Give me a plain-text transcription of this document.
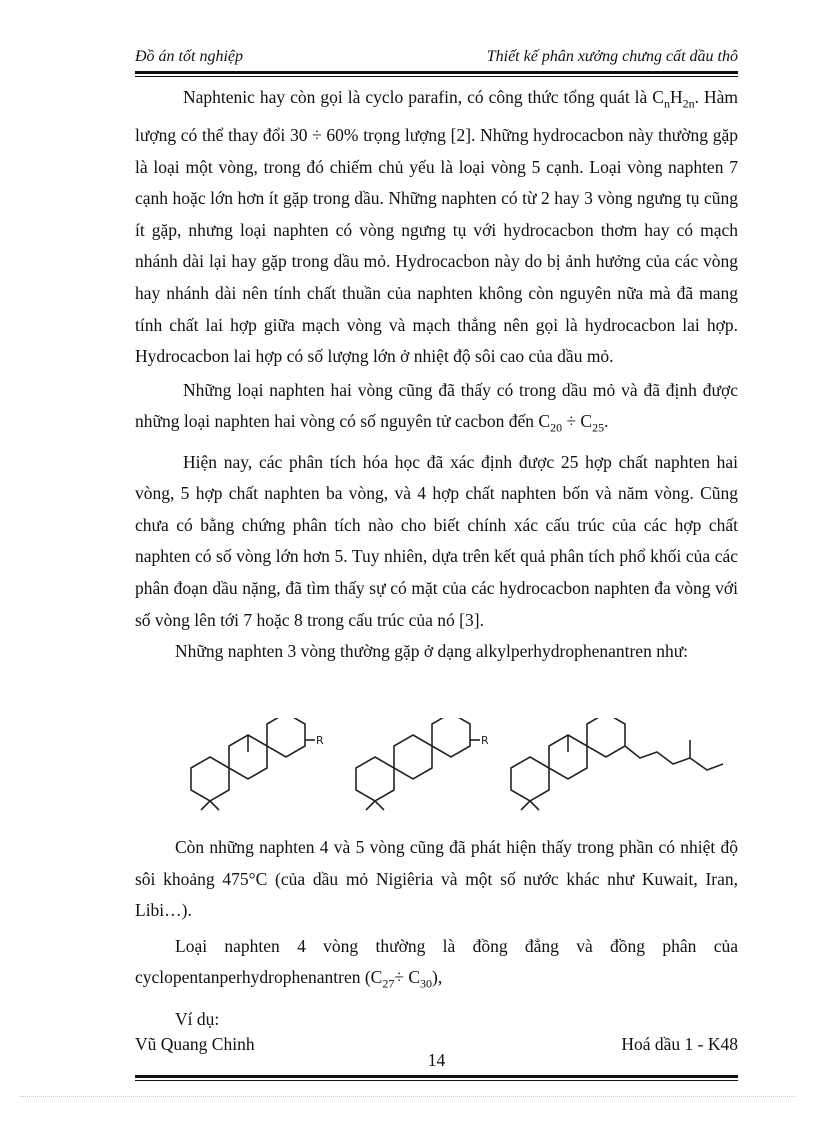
Đồ án tốt nghiệp	Thiết kế phân xưởng chưng cất dầu thô

Naphtenic hay còn gọi là cyclo parafin, có công thức tổng quát là $C_nH_{2n}$. Hàm lượng có thể thay đổi 30 ÷ 60% trọng lượng [2]. Những hydrocacbon này thường gặp là loại một vòng, trong đó chiếm chủ yếu là loại vòng 5 cạnh. Loại vòng naphten 7 cạnh hoặc lớn hơn ít gặp trong dầu. Những naphten có từ 2 hay 3 vòng ngưng tụ cũng ít gặp, nhưng loại naphten có vòng ngưng tụ với hydrocacbon thơm hay có mạch nhánh dài lại hay gặp trong dầu mỏ. Hydrocacbon này do bị ảnh hưởng của các vòng hay nhánh dài nên tính chất thuần của naphten không còn nguyên nữa mà đã mang tính chất lai hợp giữa mạch vòng và mạch thẳng nên gọi là hydrocacbon lai hợp. Hydrocacbon lai hợp có số lượng lớn ở nhiệt độ sôi cao của dầu mỏ.

Những loại naphten hai vòng cũng đã thấy có trong dầu mỏ và đã định được những loại naphten hai vòng có số nguyên tử cacbon đến $C_{20} \div C_{25}$.

Hiện nay, các phân tích hóa học đã xác định được 25 hợp chất naphten hai vòng, 5 hợp chất naphten ba vòng, và 4 hợp chất naphten bốn và năm vòng. Cũng chưa có bằng chứng phân tích nào cho biết chính xác cấu trúc của các hợp chất naphten có số vòng lớn hơn 5. Tuy nhiên, dựa trên kết quả phân tích phổ khối của các phân đoạn dầu nặng, đã tìm thấy sự có mặt của các hydrocacbon naphten đa vòng với số vòng lên tới 7 hoặc 8 trong cấu trúc của nó [3].

Những naphten 3 vòng thường gặp ở dạng alkylperhydrophenantren như:

R	R

Còn những naphten 4 và 5 vòng cũng đã phát hiện thấy trong phần có nhiệt độ sôi khoảng 475°C (của dầu mỏ Nigiêria và một số nước khác như Kuwait, Iran, Libi…).

Loại naphten 4 vòng thường là đồng đẳng và đồng phân của cyclopentanperhydrophenantren $(C_{27}\div C_{30})$,

Ví dụ:

Vũ Quang Chinh	Hoá dầu 1 - K48
14
